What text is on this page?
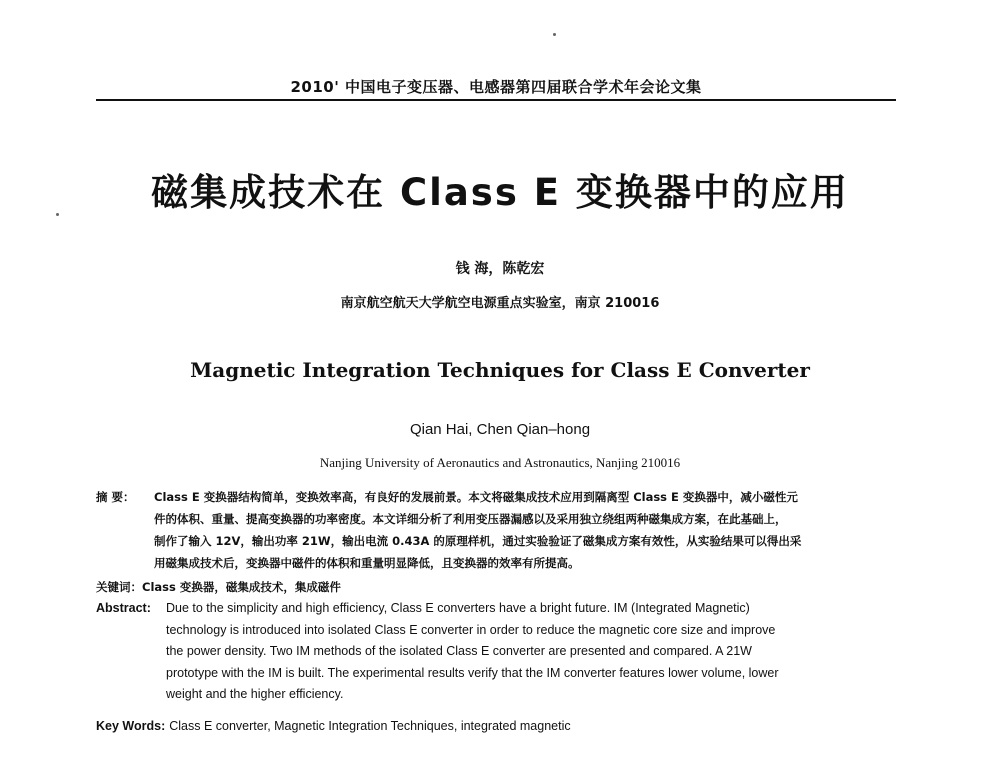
2010' 中国电子变压器、电感器第四届联合学术年会论文集
磁集成技术在 Class E 变换器中的应用
钱 海，陈乾宏
南京航空航天大学航空电源重点实验室，南京 210016
Magnetic Integration Techniques for Class E Converter
Qian Hai, Chen Qian–hong
Nanjing University of Aeronautics and Astronautics, Nanjing 210016
摘 要：	Class E 变换器结构简单，变换效率高，有良好的发展前景。本文将磁集成技术应用到隔离型 Class E 变换器中，减小磁性元
件的体积、重量、提高变换器的功率密度。本文详细分析了利用变压器漏感以及采用独立绕组两种磁集成方案，在此基础上，
制作了输入 12V，输出功率 21W，输出电流 0.43A 的原理样机，通过实验验证了磁集成方案有效性，从实验结果可以得出采
用磁集成技术后，变换器中磁件的体积和重量明显降低，且变换器的效率有所提高。
关键词： Class 变换器，磁集成技术，集成磁件
Abstract:	Due to the simplicity and high efficiency, Class E converters have a bright future. IM (Integrated Magnetic)
technology is introduced into isolated Class E converter in order to reduce the magnetic core size and improve
the power density. Two IM methods of the isolated Class E converter are presented and compared. A 21W
prototype with the IM is built. The experimental results verify that the IM converter features lower volume, lower
weight and the higher efficiency.
Key Words: Class E converter, Magnetic Integration Techniques, integrated magnetic
